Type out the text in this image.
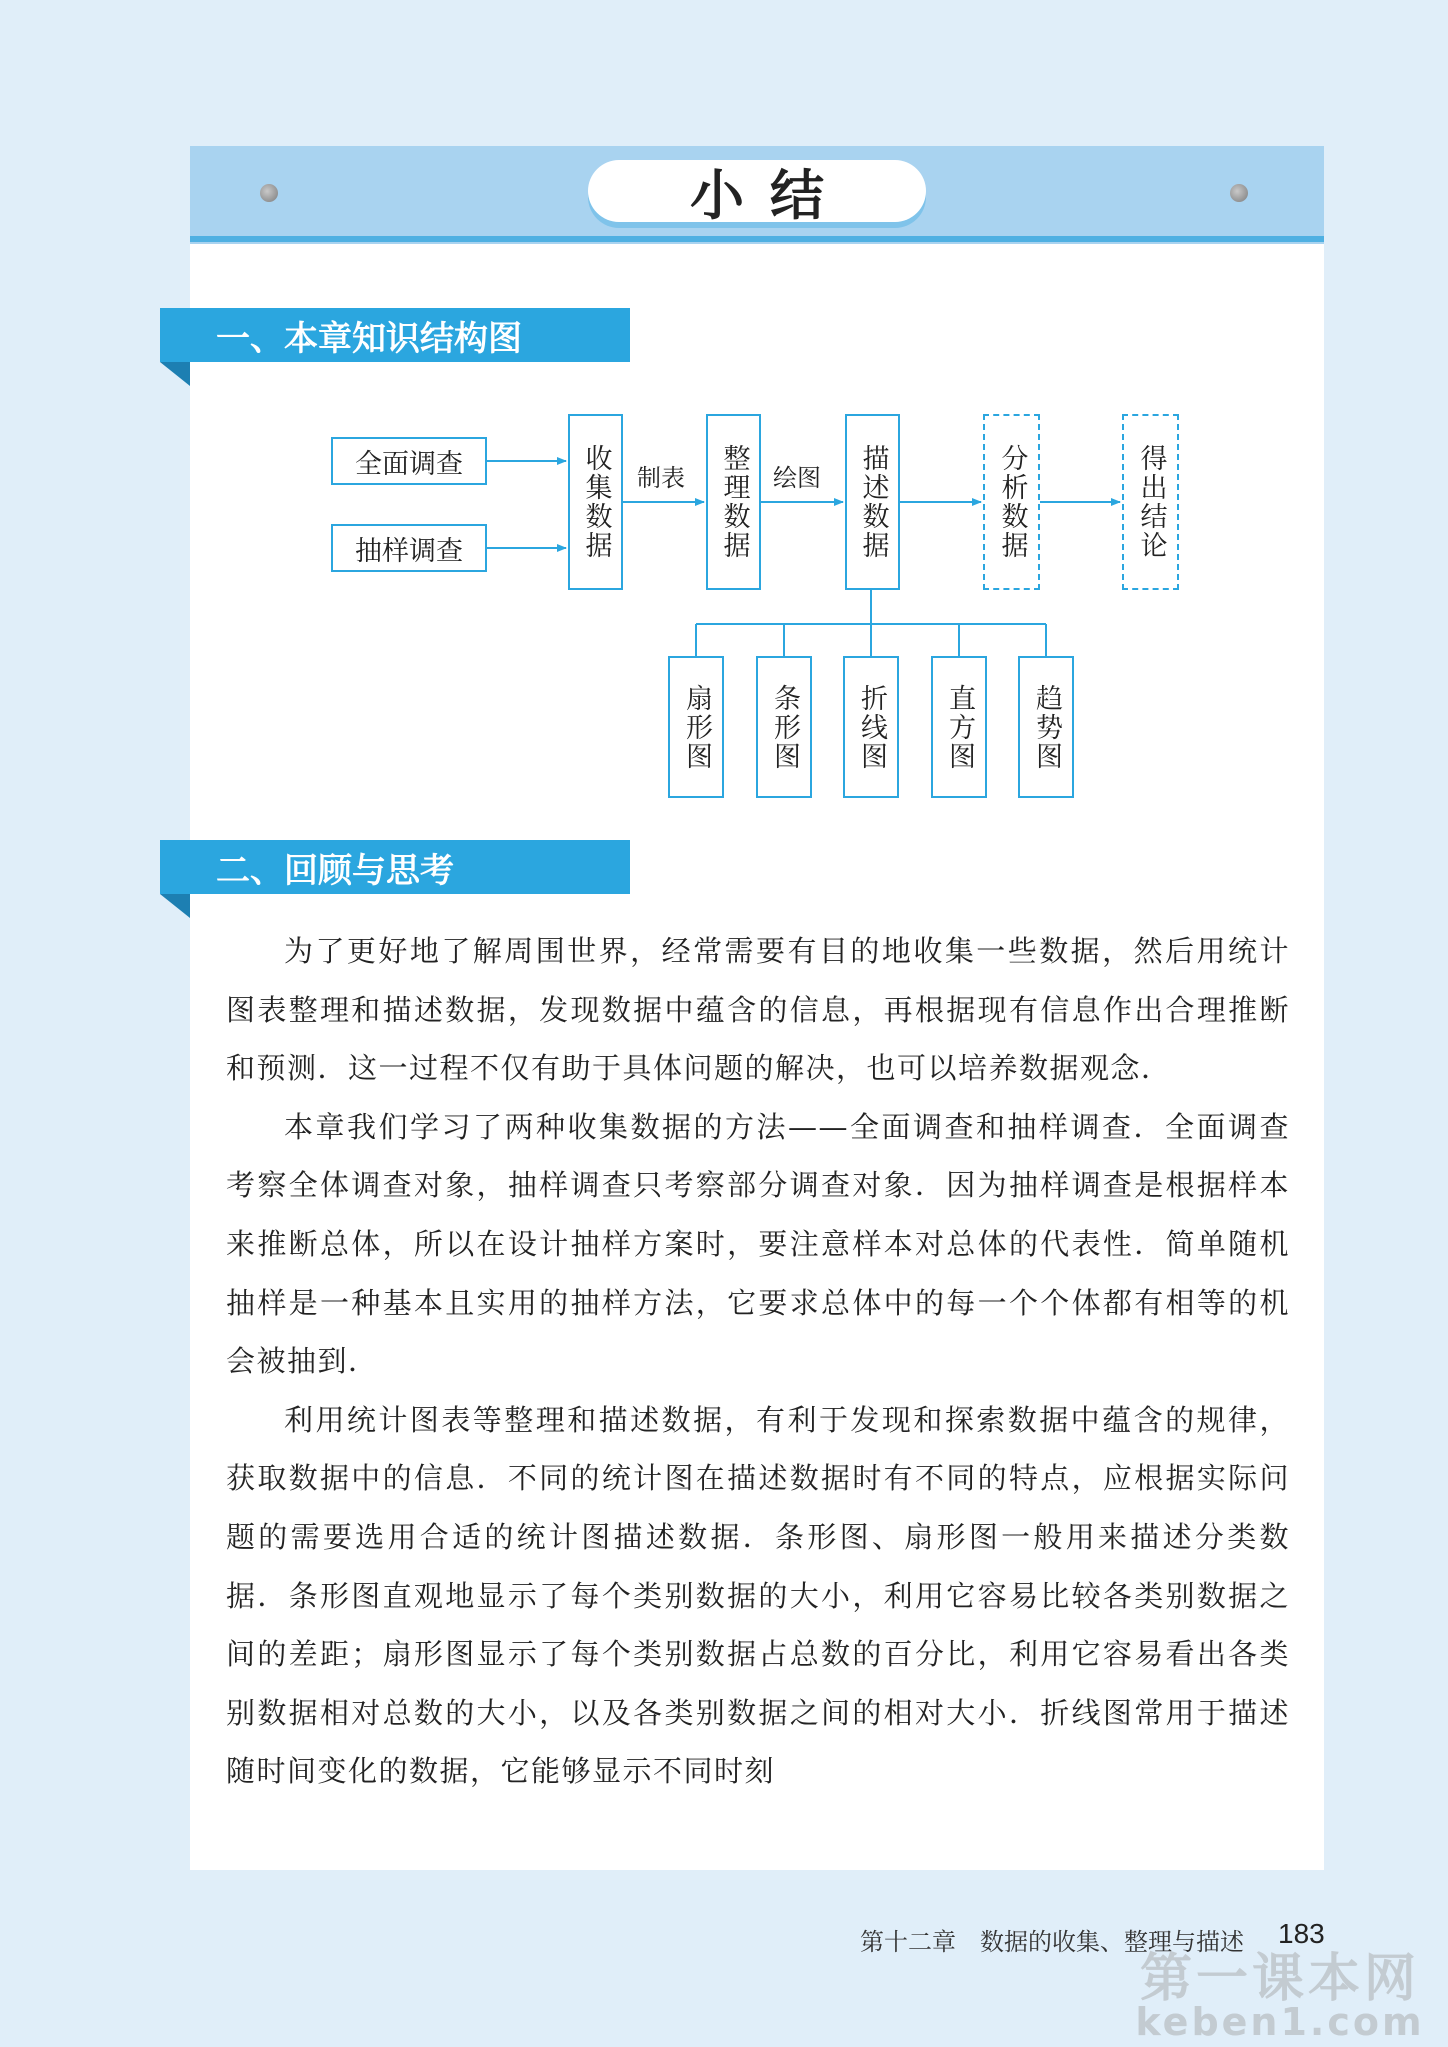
小结
一、本章知识结构图
全面调查
抽样调查	收集数据	整理数据	描述数据	分析数据	得出结论
扇形图	条形图	折线图	直方图	趋势图
制表	绘图
二、回顾与思考

为了更好地了解周围世界，经常需要有目的地收集一些数据，然后用统计图表整理和描述数据，发现数据中蕴含的信息，再根据现有信息作出合理推断和预测．这一过程不仅有助于具体问题的解决，也可以培养数据观念．

本章我们学习了两种收集数据的方法——全面调查和抽样调查．全面调查考察全体调查对象，抽样调查只考察部分调查对象．因为抽样调查是根据样本来推断总体，所以在设计抽样方案时，要注意样本对总体的代表性．简单随机抽样是一种基本且实用的抽样方法，它要求总体中的每一个个体都有相等的机会被抽到．

利用统计图表等整理和描述数据，有利于发现和探索数据中蕴含的规律，获取数据中的信息．不同的统计图在描述数据时有不同的特点，应根据实际问题的需要选用合适的统计图描述数据．条形图、扇形图一般用来描述分类数据．条形图直观地显示了每个类别数据的大小，利用它容易比较各类别数据之间的差距；扇形图显示了每个类别数据占总数的百分比，利用它容易看出各类别数据相对总数的大小，以及各类别数据之间的相对大小．折线图常用于描述随时间变化的数据，它能够显示不同时刻

第十二章　数据的收集、整理与描述 183
第一课本网
keben1.com
